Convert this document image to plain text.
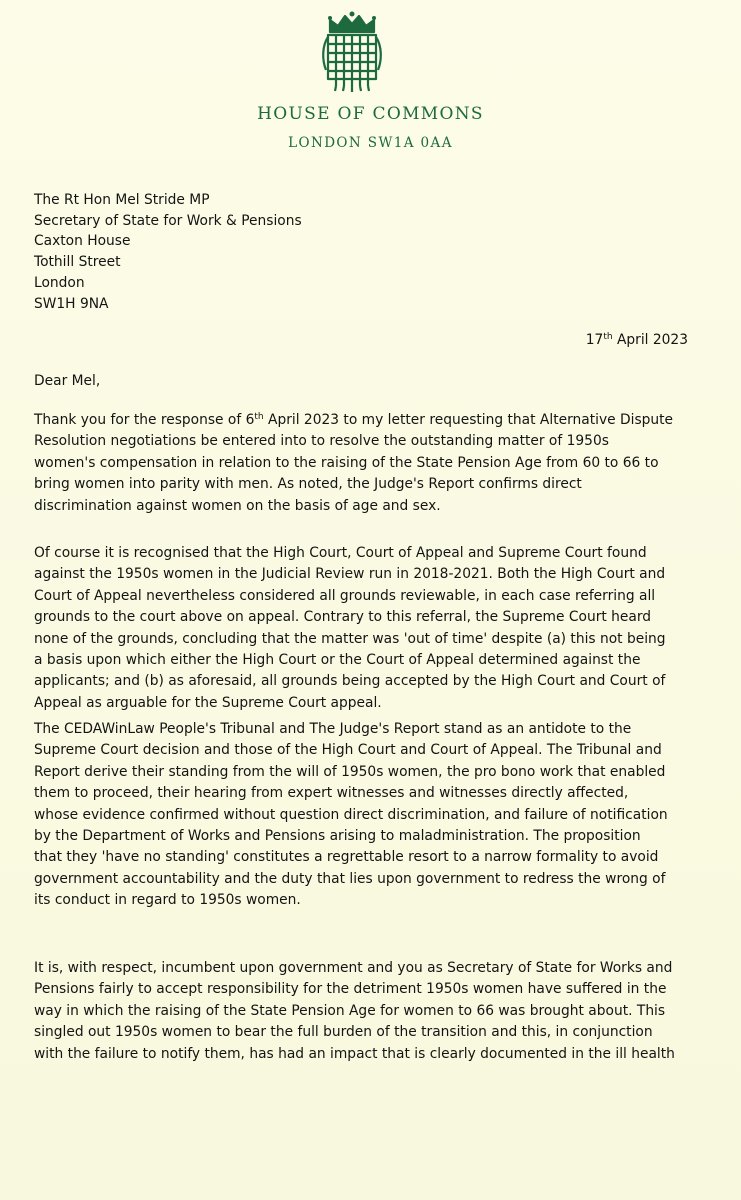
HOUSE OF COMMONS

LONDON SW1A 0AA

The Rt Hon Mel Stride MP
Secretary of State for Work & Pensions
Caxton House
Tothill Street
London
SW1H 9NA
17th April 2023
Dear Mel,
Thank you for the response of 6th April 2023 to my letter requesting that Alternative Dispute
Resolution negotiations be entered into to resolve the outstanding matter of 1950s
women's compensation in relation to the raising of the State Pension Age from 60 to 66 to
bring women into parity with men. As noted, the Judge's Report confirms direct
discrimination against women on the basis of age and sex.
Of course it is recognised that the High Court, Court of Appeal and Supreme Court found
against the 1950s women in the Judicial Review run in 2018-2021. Both the High Court and
Court of Appeal nevertheless considered all grounds reviewable, in each case referring all
grounds to the court above on appeal. Contrary to this referral, the Supreme Court heard
none of the grounds, concluding that the matter was 'out of time' despite (a) this not being
a basis upon which either the High Court or the Court of Appeal determined against the
applicants; and (b) as aforesaid, all grounds being accepted by the High Court and Court of
Appeal as arguable for the Supreme Court appeal.
The CEDAWinLaw People's Tribunal and The Judge's Report stand as an antidote to the
Supreme Court decision and those of the High Court and Court of Appeal. The Tribunal and
Report derive their standing from the will of 1950s women, the pro bono work that enabled
them to proceed, their hearing from expert witnesses and witnesses directly affected,
whose evidence confirmed without question direct discrimination, and failure of notification
by the Department of Works and Pensions arising to maladministration. The proposition
that they 'have no standing' constitutes a regrettable resort to a narrow formality to avoid
government accountability and the duty that lies upon government to redress the wrong of
its conduct in regard to 1950s women.
It is, with respect, incumbent upon government and you as Secretary of State for Works and
Pensions fairly to accept responsibility for the detriment 1950s women have suffered in the
way in which the raising of the State Pension Age for women to 66 was brought about. This
singled out 1950s women to bear the full burden of the transition and this, in conjunction
with the failure to notify them, has had an impact that is clearly documented in the ill health
